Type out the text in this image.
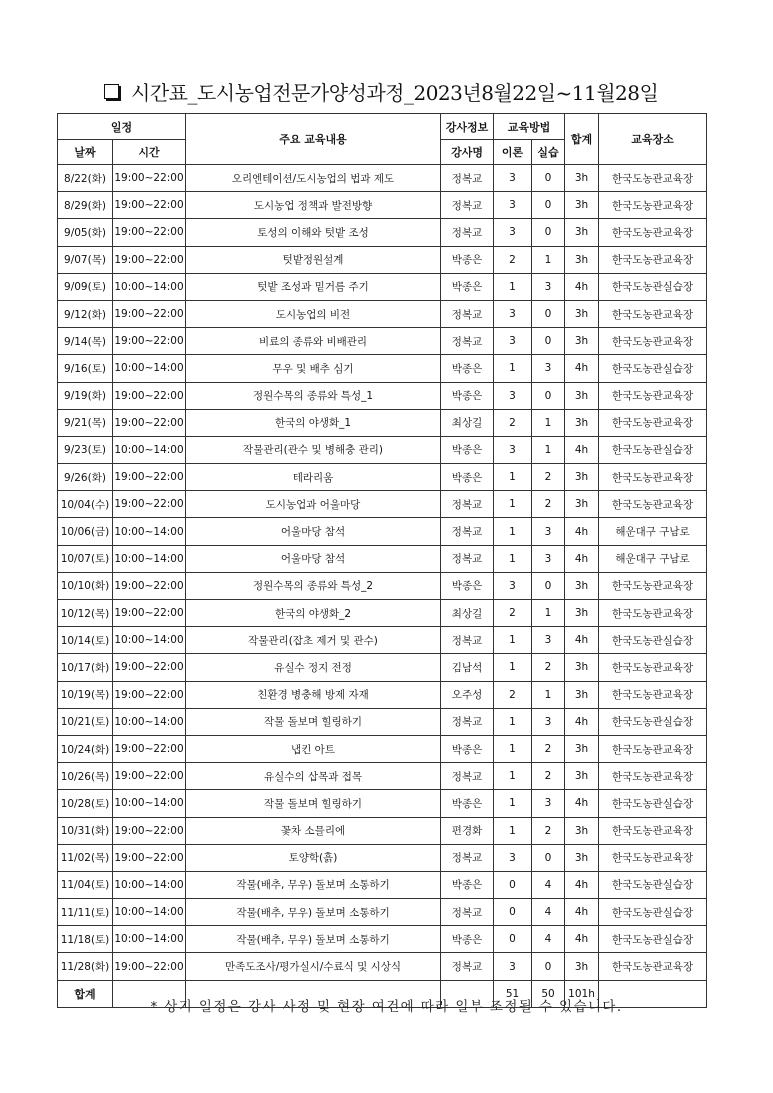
시간표_도시농업전문가양성과정_2023년8월22일~11월28일
일정		주요 교육내용	강사정보	교육방법		합계	교육장소
날짜	시간		강사명	이론	실습		
8/22(화)	19:00~22:00	오리엔테이션/도시농업의 법과 제도	정복교	3	0	3h	한국도농관교육장
8/29(화)	19:00~22:00	도시농업 정책과 발전방향	정복교	3	0	3h	한국도농관교육장
9/05(화)	19:00~22:00	토성의 이해와 텃밭 조성	정복교	3	0	3h	한국도농관교육장
9/07(목)	19:00~22:00	텃밭정원설계	박종은	2	1	3h	한국도농관교육장
9/09(토)	10:00~14:00	텃밭 조성과 밑거름 주기	박종은	1	3	4h	한국도농관실습장
9/12(화)	19:00~22:00	도시농업의 비전	정복교	3	0	3h	한국도농관교육장
9/14(목)	19:00~22:00	비료의 종류와 비배관리	정복교	3	0	3h	한국도농관교육장
9/16(토)	10:00~14:00	무우 및 배추 심기	박종은	1	3	4h	한국도농관실습장
9/19(화)	19:00~22:00	정원수목의 종류와 특성_1	박종은	3	0	3h	한국도농관교육장
9/21(목)	19:00~22:00	한국의 야생화_1	최상길	2	1	3h	한국도농관교육장
9/23(토)	10:00~14:00	작물관리(관수 및 병해충 관리)	박종은	3	1	4h	한국도농관실습장
9/26(화)	19:00~22:00	테라리움	박종은	1	2	3h	한국도농관교육장
10/04(수)	19:00~22:00	도시농업과 어울마당	정복교	1	2	3h	한국도농관교육장
10/06(금)	10:00~14:00	어울마당 참석	정복교	1	3	4h	해운대구 구남로
10/07(토)	10:00~14:00	어울마당 참석	정복교	1	3	4h	해운대구 구남로
10/10(화)	19:00~22:00	정원수목의 종류와 특성_2	박종은	3	0	3h	한국도농관교육장
10/12(목)	19:00~22:00	한국의 야생화_2	최상길	2	1	3h	한국도농관교육장
10/14(토)	10:00~14:00	작물관리(잡초 제거 및 관수)	정복교	1	3	4h	한국도농관실습장
10/17(화)	19:00~22:00	유실수 정지 전정	김남석	1	2	3h	한국도농관교육장
10/19(목)	19:00~22:00	친환경 병충해 방제 자재	오주성	2	1	3h	한국도농관교육장
10/21(토)	10:00~14:00	작물 돌보며 힐링하기	정복교	1	3	4h	한국도농관실습장
10/24(화)	19:00~22:00	냅킨 아트	박종은	1	2	3h	한국도농관교육장
10/26(목)	19:00~22:00	유실수의 삽목과 접목	정복교	1	2	3h	한국도농관교육장
10/28(토)	10:00~14:00	작물 돌보며 힐링하기	박종은	1	3	4h	한국도농관실습장
10/31(화)	19:00~22:00	꽃차 소믈리에	편경화	1	2	3h	한국도농관교육장
11/02(목)	19:00~22:00	토양학(흙)	정복교	3	0	3h	한국도농관교육장
11/04(토)	10:00~14:00	작물(배추, 무우) 돌보며 소통하기	박종은	0	4	4h	한국도농관실습장
11/11(토)	10:00~14:00	작물(배추, 무우) 돌보며 소통하기	정복교	0	4	4h	한국도농관실습장
11/18(토)	10:00~14:00	작물(배추, 무우) 돌보며 소통하기	박종은	0	4	4h	한국도농관실습장
11/28(화)	19:00~22:00	만족도조사/평가실시/수료식 및 시상식	정복교	3	0	3h	한국도농관교육장
합계				51	50	101h	
* 상기 일정은 강사 사정 및 현장 여건에 따라 일부 조정될 수 있습니다.
